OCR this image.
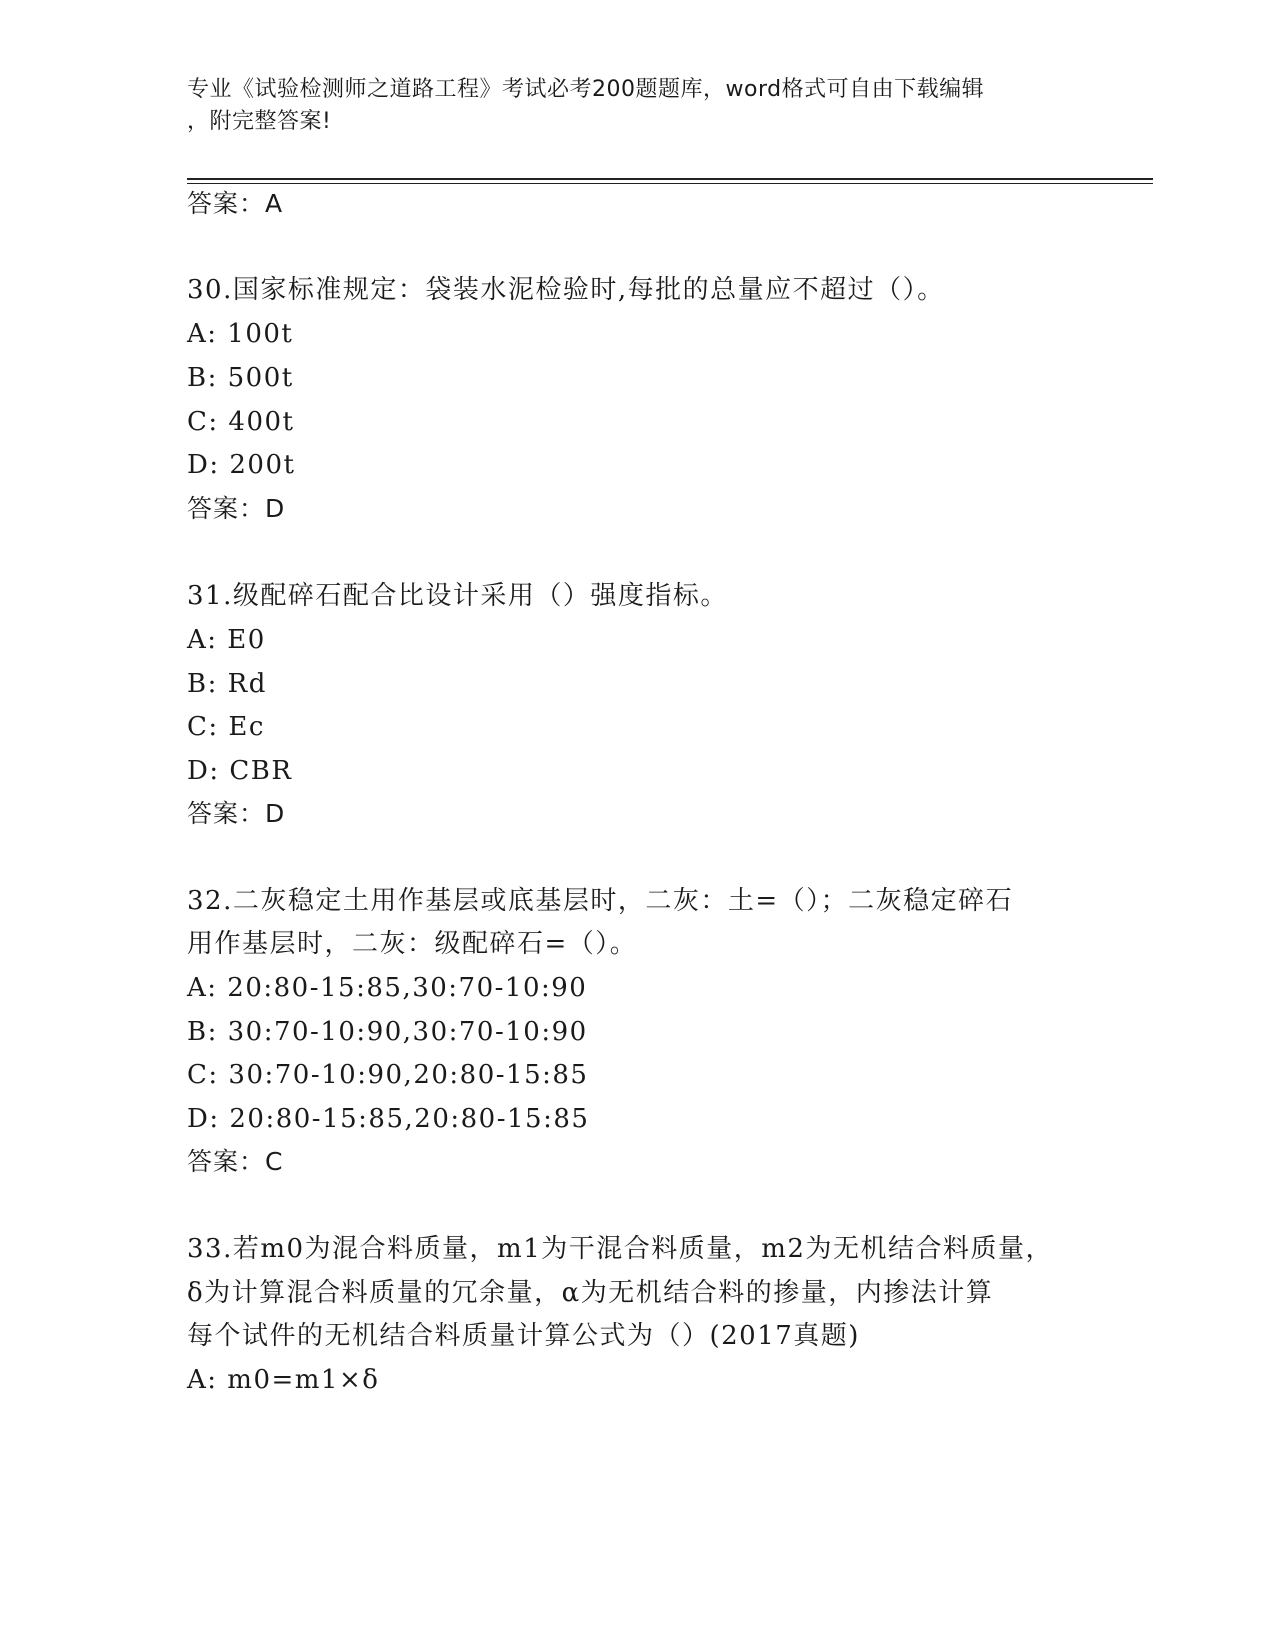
专业《试验检测师之道路工程》考试必考200题题库，word格式可自由下载编辑
，附完整答案!
答案：A
30.国家标准规定：袋装水泥检验时,每批的总量应不超过（）。
A: 100t
B: 500t
C: 400t
D: 200t
答案：D
31.级配碎石配合比设计采用（）强度指标。
A: E0
B: Rd
C: Ec
D: CBR
答案：D
32.二灰稳定土用作基层或底基层时，二灰：土=（）；二灰稳定碎石
用作基层时，二灰：级配碎石=（）。
A: 20:80-15:85,30:70-10:90
B: 30:70-10:90,30:70-10:90
C: 30:70-10:90,20:80-15:85
D: 20:80-15:85,20:80-15:85
答案：C
33.若m0为混合料质量，m1为干混合料质量，m2为无机结合料质量，
δ为计算混合料质量的冗余量，α为无机结合料的掺量，内掺法计算
每个试件的无机结合料质量计算公式为（）(2017真题)
A: m0=m1×δ
